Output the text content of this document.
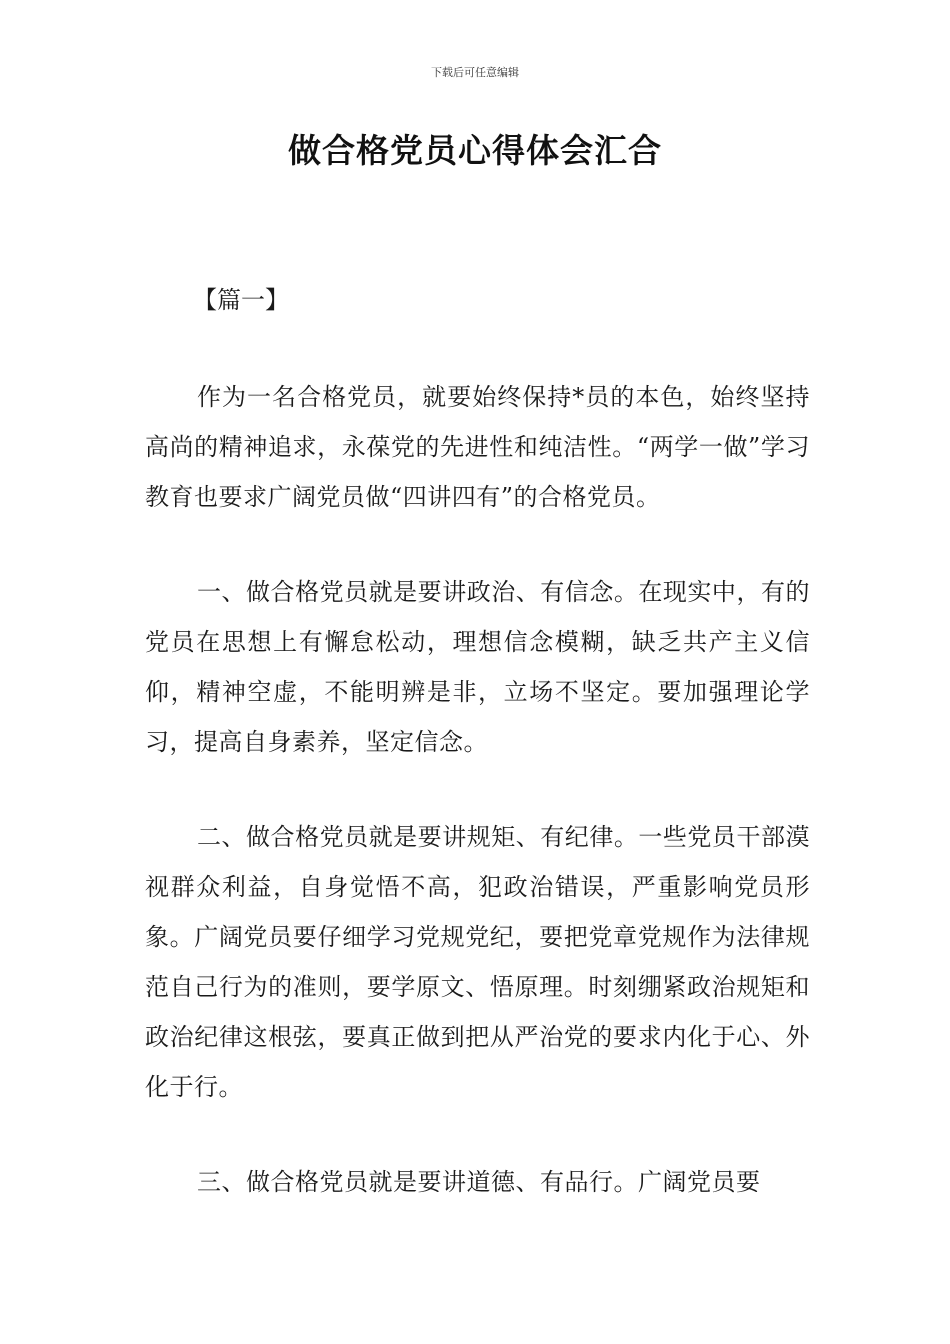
下载后可任意编辑
做合格党员心得体会汇合
【篇一】

作为一名合格党员，就要始终保持*员的本色，始终坚持高尚的精神追求，永葆党的先进性和纯洁性。“两学一做”学习教育也要求广阔党员做“四讲四有”的合格党员。

一、做合格党员就是要讲政治、有信念。在现实中，有的党员在思想上有懈怠松动，理想信念模糊，缺乏共产主义信仰，精神空虚，不能明辨是非，立场不坚定。要加强理论学习，提高自身素养，坚定信念。

二、做合格党员就是要讲规矩、有纪律。一些党员干部漠视群众利益，自身觉悟不高，犯政治错误，严重影响党员形象。广阔党员要仔细学习党规党纪，要把党章党规作为法律规范自己行为的准则，要学原文、悟原理。时刻绷紧政治规矩和政治纪律这根弦，要真正做到把从严治党的要求内化于心、外化于行。

三、做合格党员就是要讲道德、有品行。广阔党员要
